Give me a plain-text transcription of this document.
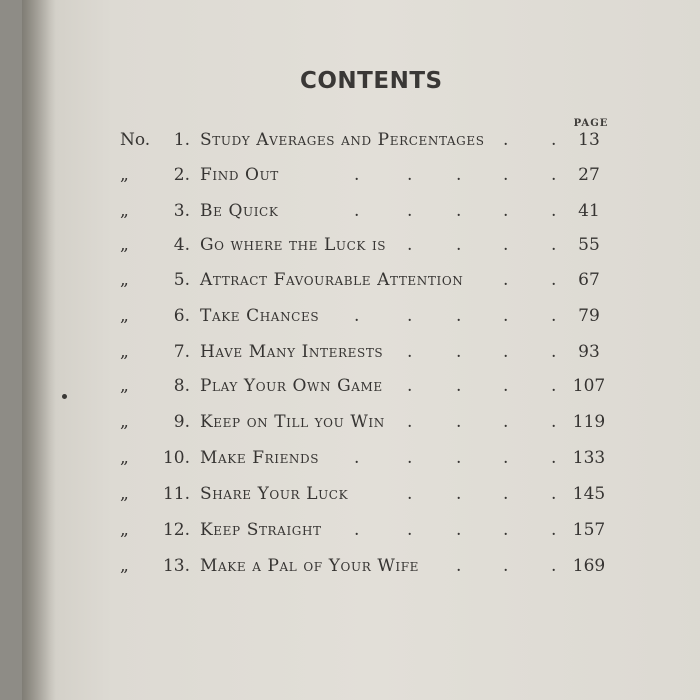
CONTENTS
PAGE
No.	1. Study Averages and Percentages .	.	13
„	2. Find Out	.	.	. .	.	27
„	3. Be Quick	.	.	. .	.	41
„	4. Go where the Luck is .	. .	.	55
„	5. Attract Favourable Attention .	.	67
„	6. Take Chances .	.	. .	.	79
„	7. Have Many Interests .	. .	.	93
„	8. Play Your Own Game .	. .	. 107
„	9. Keep on Till you Win .	. .	. 119
„	10. Make Friends .	.	. .	. 133
„	11. Share Your Luck	.	. .	. 145
„	12. Keep Straight .	.	. .	. 157
„	13. Make a Pal of Your Wife . .	. 169
